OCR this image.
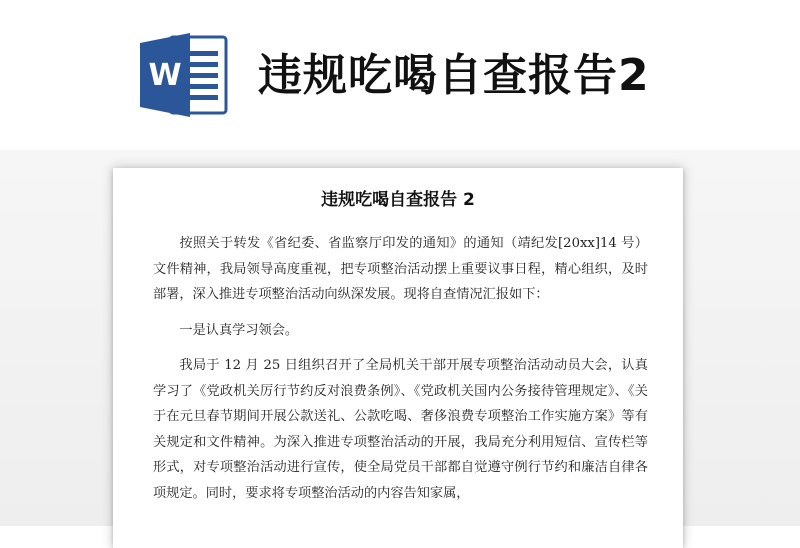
W 违规吃喝自查报告2
违规吃喝自查报告 2

按照关于转发《省纪委、省监察厅印发的通知》的通知（靖纪发[20xx]14 号）文件精神，我局领导高度重视，把专项整治活动摆上重要议事日程，精心组织，及时部署，深入推进专项整治活动向纵深发展。现将自查情况汇报如下：

一是认真学习领会。

我局于 12 月 25 日组织召开了全局机关干部开展专项整治活动动员大会，认真学习了《党政机关厉行节约反对浪费条例》、《党政机关国内公务接待管理规定》、《关于在元旦春节期间开展公款送礼、公款吃喝、奢侈浪费专项整治工作实施方案》等有关规定和文件精神。为深入推进专项整治活动的开展，我局充分利用短信、宣传栏等形式，对专项整治活动进行宣传，使全局党员干部都自觉遵守例行节约和廉洁自律各项规定。同时，要求将专项整治活动的内容告知家属，
